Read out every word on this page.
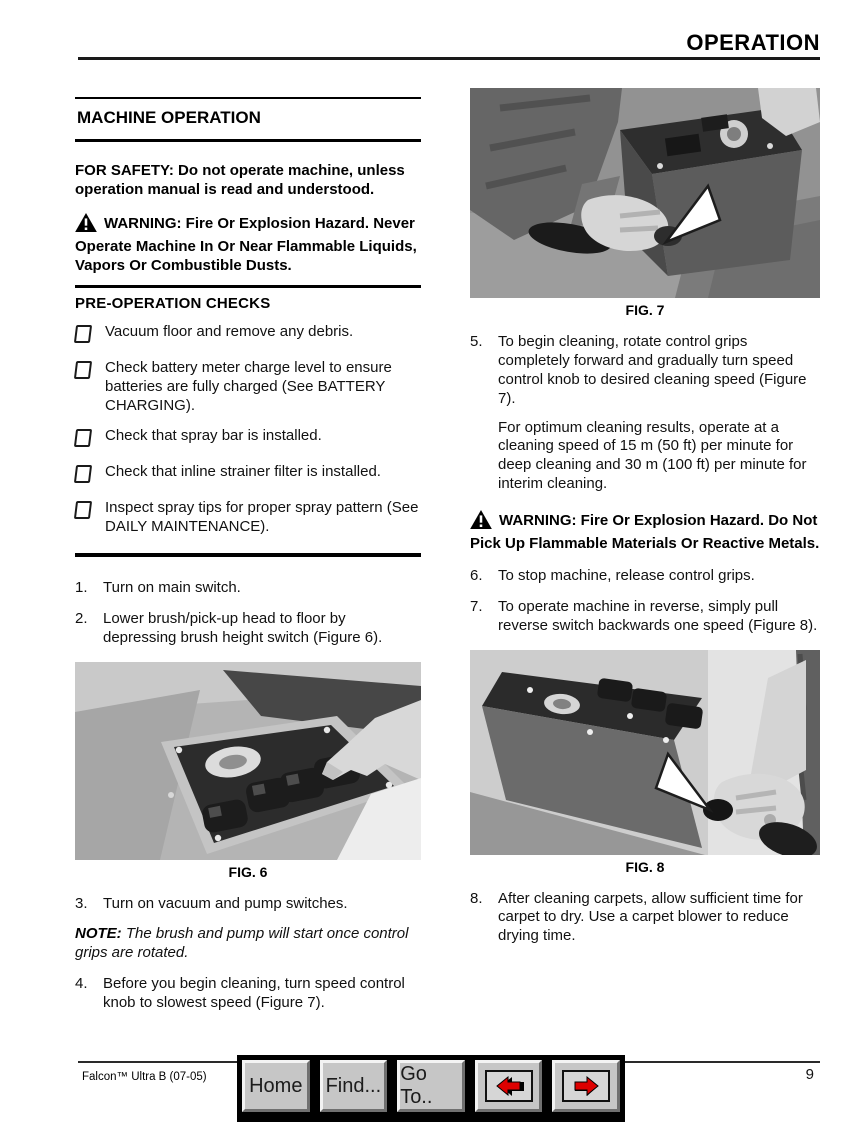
OPERATION
MACHINE OPERATION

FOR SAFETY: Do not operate machine, unless operation manual is read and understood.

WARNING: Fire Or Explosion Hazard. Never Operate Machine In Or Near Flammable Liquids, Vapors Or Combustible Dusts.

PRE-OPERATION CHECKS
Vacuum floor and remove any debris.
Check battery meter charge level to ensure batteries are fully charged (See BATTERY CHARGING).
Check that spray bar is installed.
Check that inline strainer filter is installed.
Inspect spray tips for proper spray pattern (See DAILY MAINTENANCE).
1.	Turn on main switch.
2.	Lower brush/pick-up head to floor by depressing brush height switch (Figure 6).
FIG. 6
3.	Turn on vacuum and pump switches.

NOTE: The brush and pump will start once control grips are rotated.

4.	Before you begin cleaning, turn speed control knob to slowest speed (Figure 7).
FIG. 7
5.	To begin cleaning, rotate control grips completely forward and gradually turn speed control knob to desired cleaning speed (Figure 7).

For optimum cleaning results, operate at a cleaning speed of 15 m (50 ft) per minute for deep cleaning and 30 m (100 ft) per minute for interim cleaning.

WARNING: Fire Or Explosion Hazard. Do Not Pick Up Flammable Materials Or Reactive Metals.

6.	To stop machine, release control grips.
7.	To operate machine in reverse, simply pull reverse switch backwards one speed (Figure 8).
FIG. 8
8.	After cleaning carpets, allow sufficient time for carpet to dry. Use a carpet blower to reduce drying time.
Falcon™ Ultra B (07-05)	9
Home	Find...
Go To..
